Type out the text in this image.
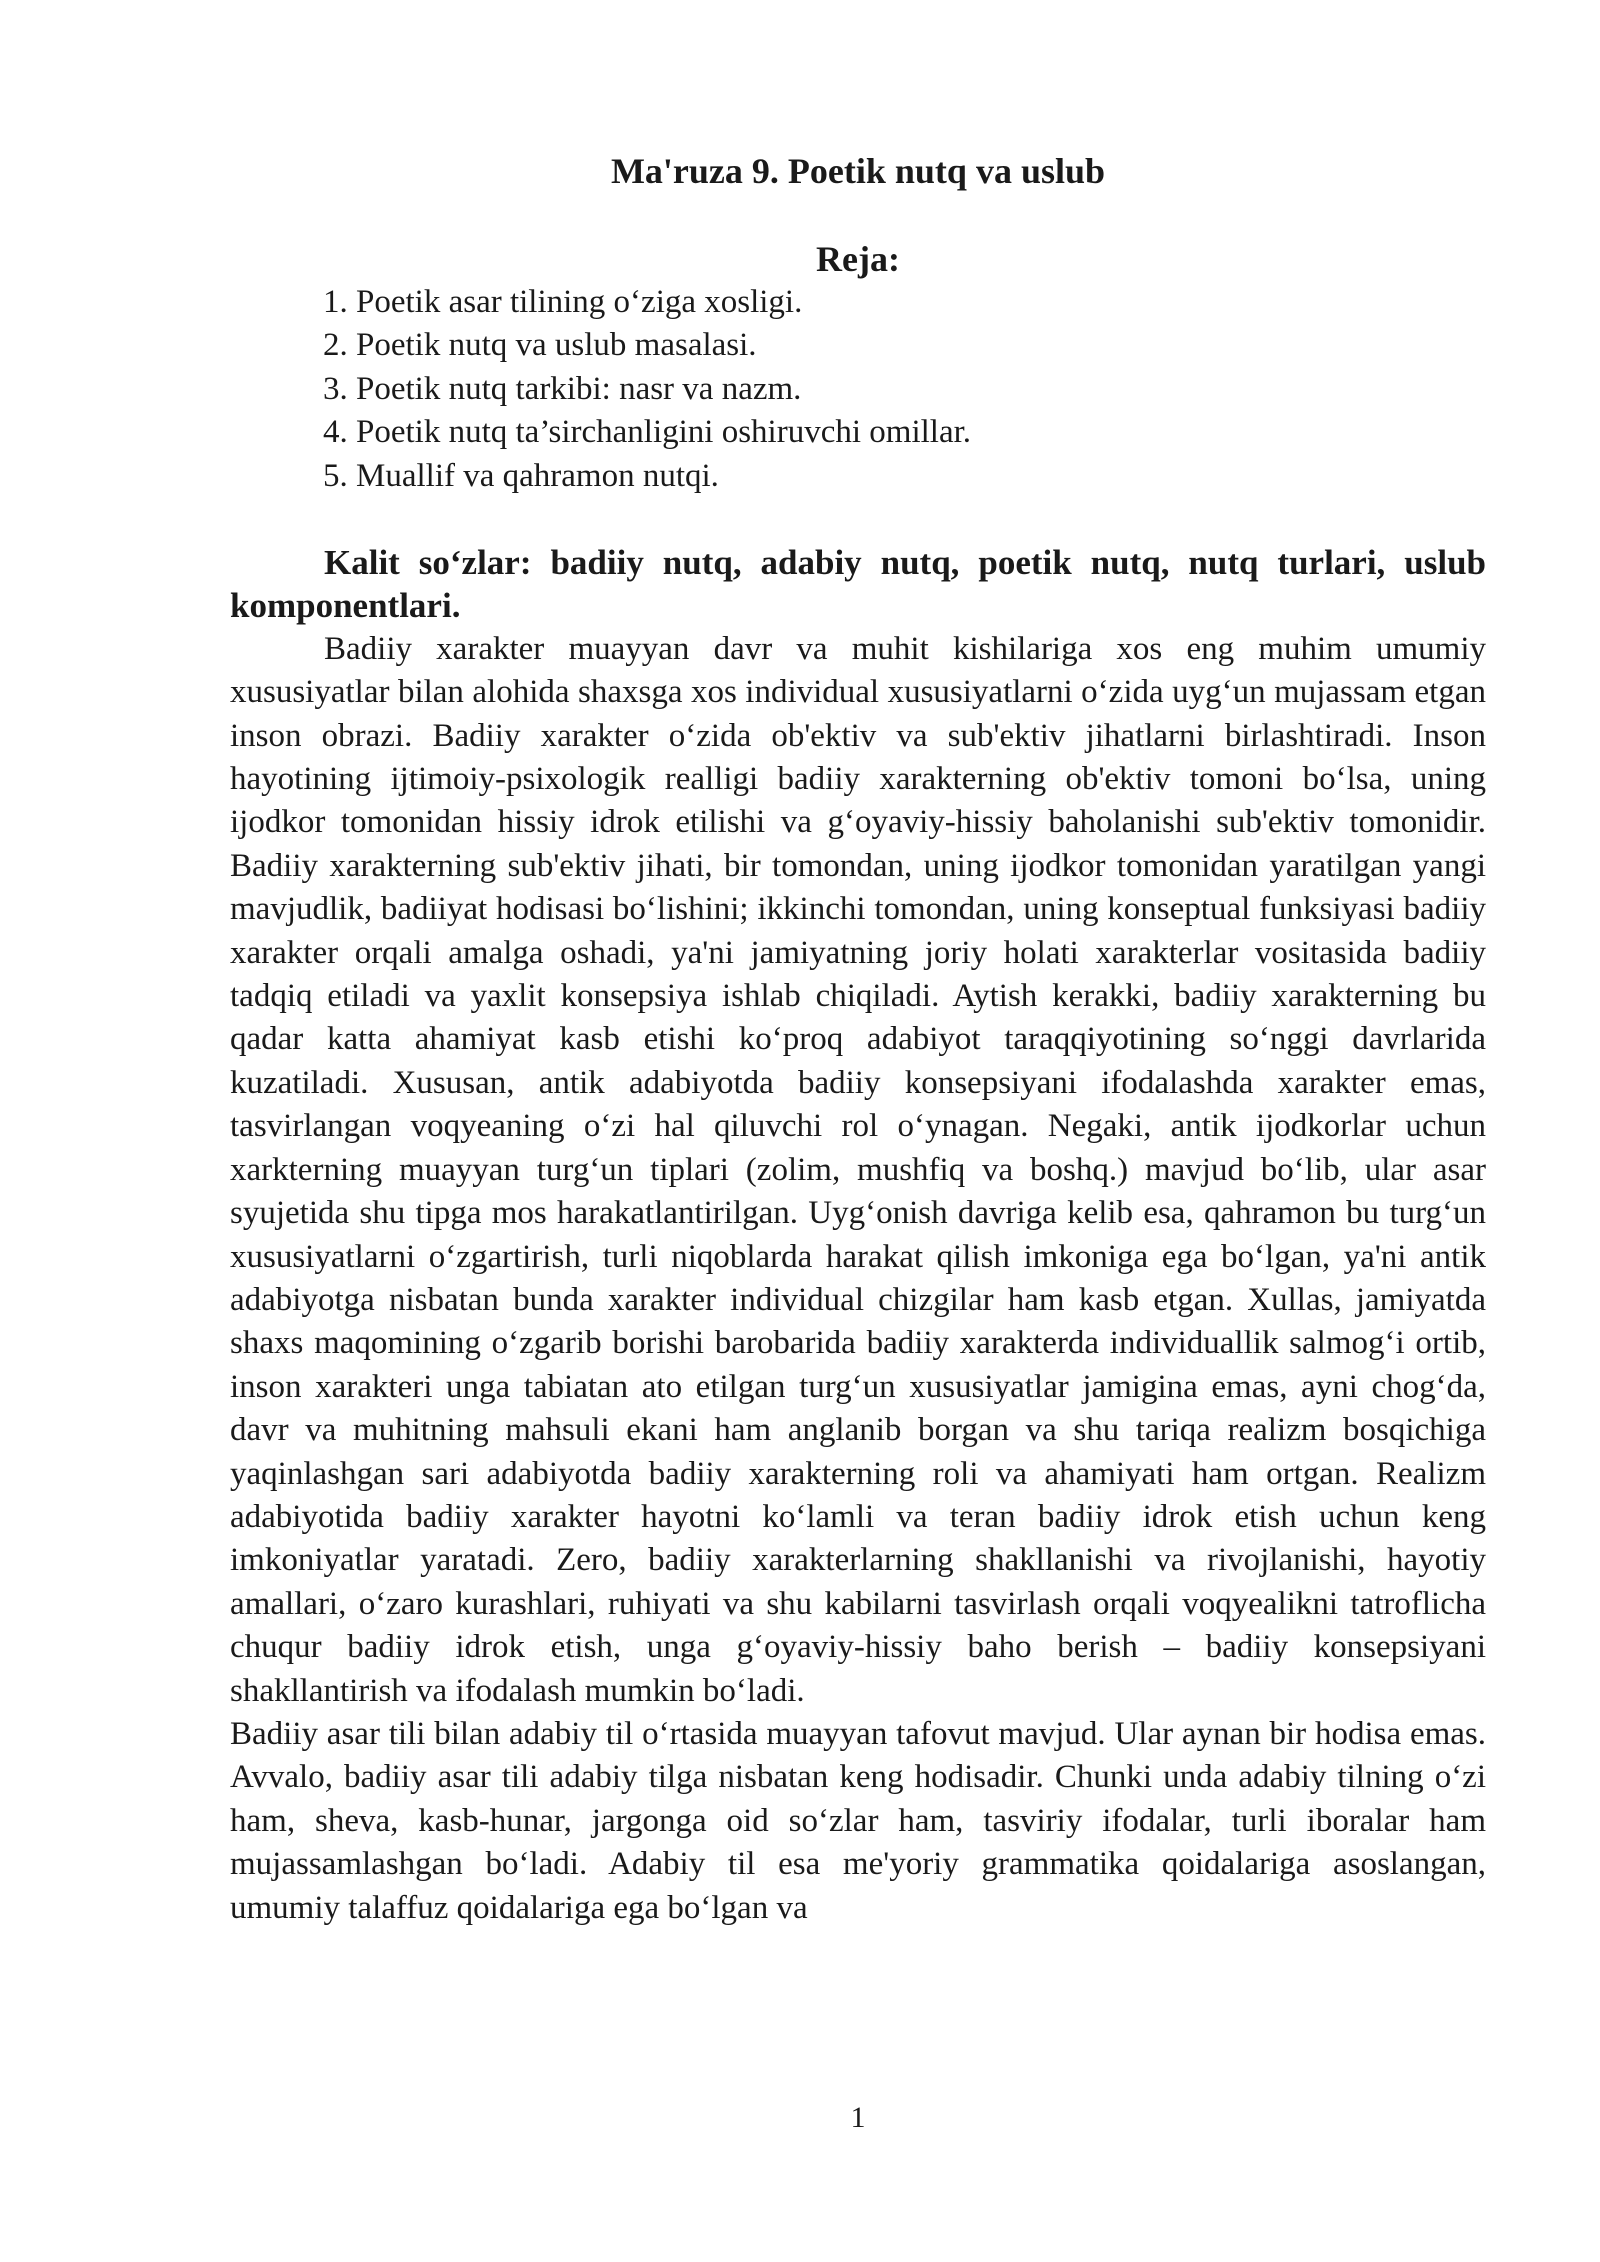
Ma'ruza 9. Poetik nutq va uslub
Reja:
1. Poetik asar tilining o‘ziga xosligi.
2. Poetik nutq va uslub masalasi.
3. Poetik nutq tarkibi: nasr va nazm.
4. Poetik nutq ta’sirchanligini oshiruvchi omillar.
5. Muallif va qahramon nutqi.

Kalit so‘zlar: badiiy nutq, adabiy nutq, poetik nutq, nutq turlari, uslub komponentlari.

Badiiy xarakter muayyan davr va muhit kishilariga xos eng muhim umumiy xususiyatlar bilan alohida shaxsga xos individual xususiyatlarni o‘zida uyg‘un mujassam etgan inson obrazi. Badiiy xarakter o‘zida ob'ektiv va sub'ektiv jihatlarni birlashtiradi. Inson hayotining ijtimoiy-psixologik realligi badiiy xarakterning ob'ektiv tomoni bo‘lsa, uning ijodkor tomonidan hissiy idrok etilishi va g‘oyaviy-hissiy baholanishi sub'ektiv tomonidir. Badiiy xarakterning sub'ektiv jihati, bir tomondan, uning ijodkor tomonidan yaratilgan yangi mavjudlik, badiiyat hodisasi bo‘lishini; ikkinchi tomondan, uning konseptual funksiyasi badiiy xarakter orqali amalga oshadi, ya'ni jamiyatning joriy holati xarakterlar vositasida badiiy tadqiq etiladi va yaxlit konsepsiya ishlab chiqiladi. Aytish kerakki, badiiy xarakterning bu qadar katta ahamiyat kasb etishi ko‘proq adabiyot taraqqiyotining so‘nggi davrlarida kuzatiladi. Xususan, antik adabiyotda badiiy konsepsiyani ifodalashda xarakter emas, tasvirlangan voqyeaning o‘zi hal qiluvchi rol o‘ynagan. Negaki, antik ijodkorlar uchun xarkterning muayyan turg‘un tiplari (zolim, mushfiq va boshq.) mavjud bo‘lib, ular asar syujetida shu tipga mos harakatlantirilgan. Uyg‘onish davriga kelib esa, qahramon bu turg‘un xususiyatlarni o‘zgartirish, turli niqoblarda harakat qilish imkoniga ega bo‘lgan, ya'ni antik adabiyotga nisbatan bunda xarakter individual chizgilar ham kasb etgan. Xullas, jamiyatda shaxs maqomining o‘zgarib borishi barobarida badiiy xarakterda individuallik salmog‘i ortib, inson xarakteri unga tabiatan ato etilgan turg‘un xususiyatlar jamigina emas, ayni chog‘da, davr va muhitning mahsuli ekani ham anglanib borgan va shu tariqa realizm bosqichiga yaqinlashgan sari adabiyotda badiiy xarakterning roli va ahamiyati ham ortgan. Realizm adabiyotida badiiy xarakter hayotni ko‘lamli va teran badiiy idrok etish uchun keng imkoniyatlar yaratadi. Zero, badiiy xarakterlarning shakllanishi va rivojlanishi, hayotiy amallari, o‘zaro kurashlari, ruhiyati va shu kabilarni tasvirlash orqali voqyealikni tatroflicha chuqur badiiy idrok etish, unga g‘oyaviy-hissiy baho berish – badiiy konsepsiyani shakllantirish va ifodalash mumkin bo‘ladi.

Badiiy asar tili bilan adabiy til o‘rtasida muayyan tafovut mavjud. Ular aynan bir hodisa emas. Avvalo, badiiy asar tili adabiy tilga nisbatan keng hodisadir. Chunki unda adabiy tilning o‘zi ham, sheva, kasb-hunar, jargonga oid so‘zlar ham, tasviriy ifodalar, turli iboralar ham mujassamlashgan bo‘ladi. Adabiy til esa me'yoriy grammatika qoidalariga asoslangan, umumiy talaffuz qoidalariga ega bo‘lgan va

1
